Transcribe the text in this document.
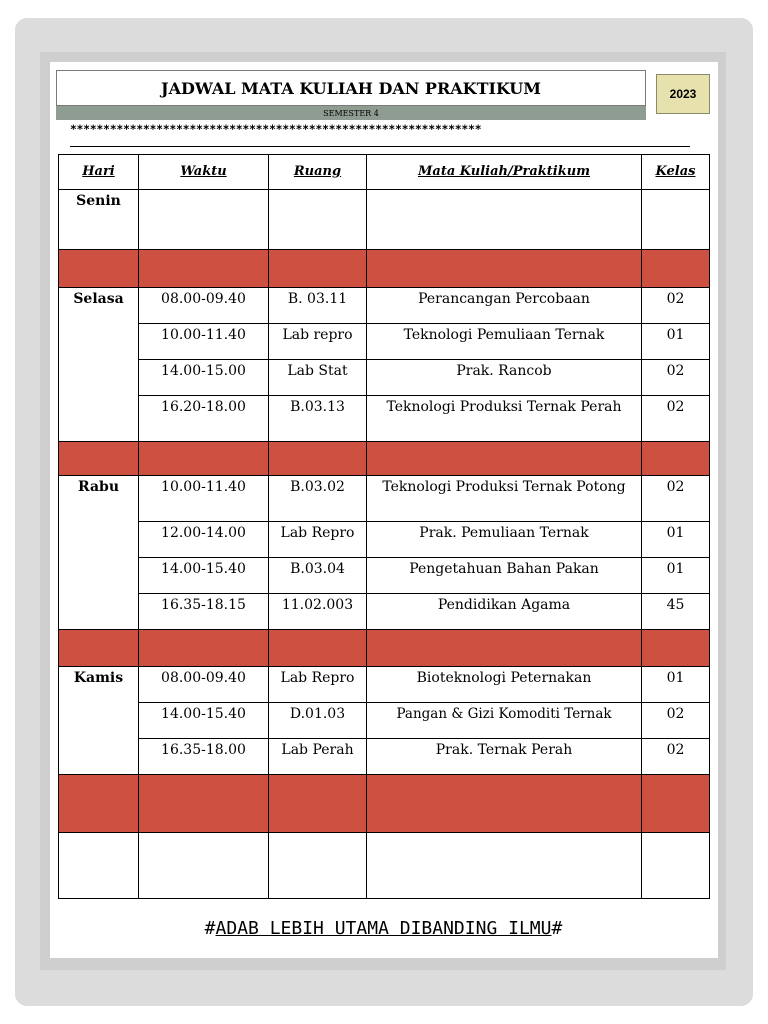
JADWAL MATA KULIAH DAN PRAKTIKUM
SEMESTER 4
2023
**************************************************************
Hari	Waktu	Ruang	Mata Kuliah/Praktikum	Kelas
Senin				

Selasa	08.00-09.40	B. 03.11	Perancangan Percobaan	02
	10.00-11.40	Lab repro	Teknologi Pemuliaan Ternak	01
	14.00-15.00	Lab Stat	Prak. Rancob	02
	16.20-18.00	B.03.13	Teknologi Produksi Ternak Perah	02

Rabu	10.00-11.40	B.03.02	Teknologi Produksi Ternak Potong	02
	12.00-14.00	Lab Repro	Prak. Pemuliaan Ternak	01
	14.00-15.40	B.03.04	Pengetahuan Bahan Pakan	01
	16.35-18.15	11.02.003	Pendidikan Agama	45

Kamis	08.00-09.40	Lab Repro	Bioteknologi Peternakan	01
	14.00-15.40	D.01.03	Pangan & Gizi Komoditi Ternak	02
	16.35-18.00	Lab Perah	Prak. Ternak Perah	02

#ADAB LEBIH UTAMA DIBANDING ILMU#
